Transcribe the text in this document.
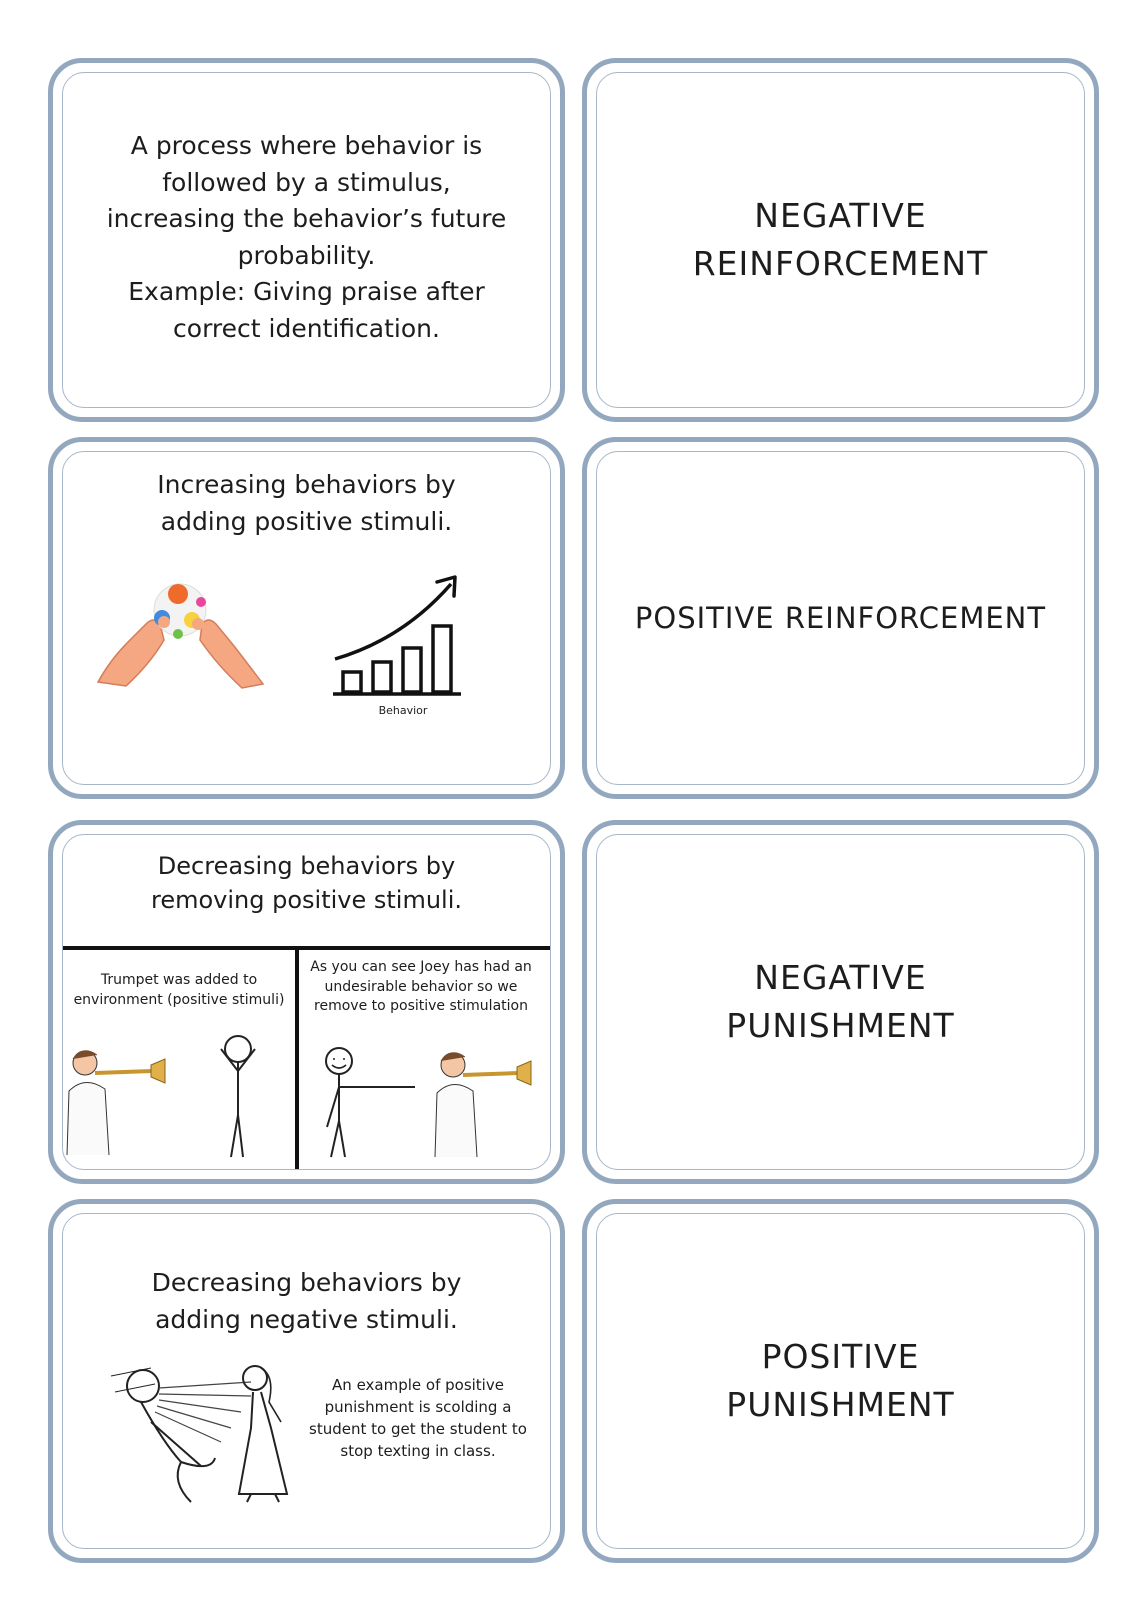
A process where behavior is followed by a stimulus, increasing the behavior’s future probability.
Example: Giving praise after correct identification.
NEGATIVE REINFORCEMENT
Increasing behaviors by adding positive stimuli.
Behavior
POSITIVE REINFORCEMENT
Decreasing behaviors by removing positive stimuli.
Trumpet was added to environment (positive stimuli)
As you can see Joey has had an undesirable behavior so we remove to positive stimulation
NEGATIVE PUNISHMENT
Decreasing behaviors by adding negative stimuli.
An example of positive punishment is scolding a student to get the student to stop texting in class.
POSITIVE PUNISHMENT
